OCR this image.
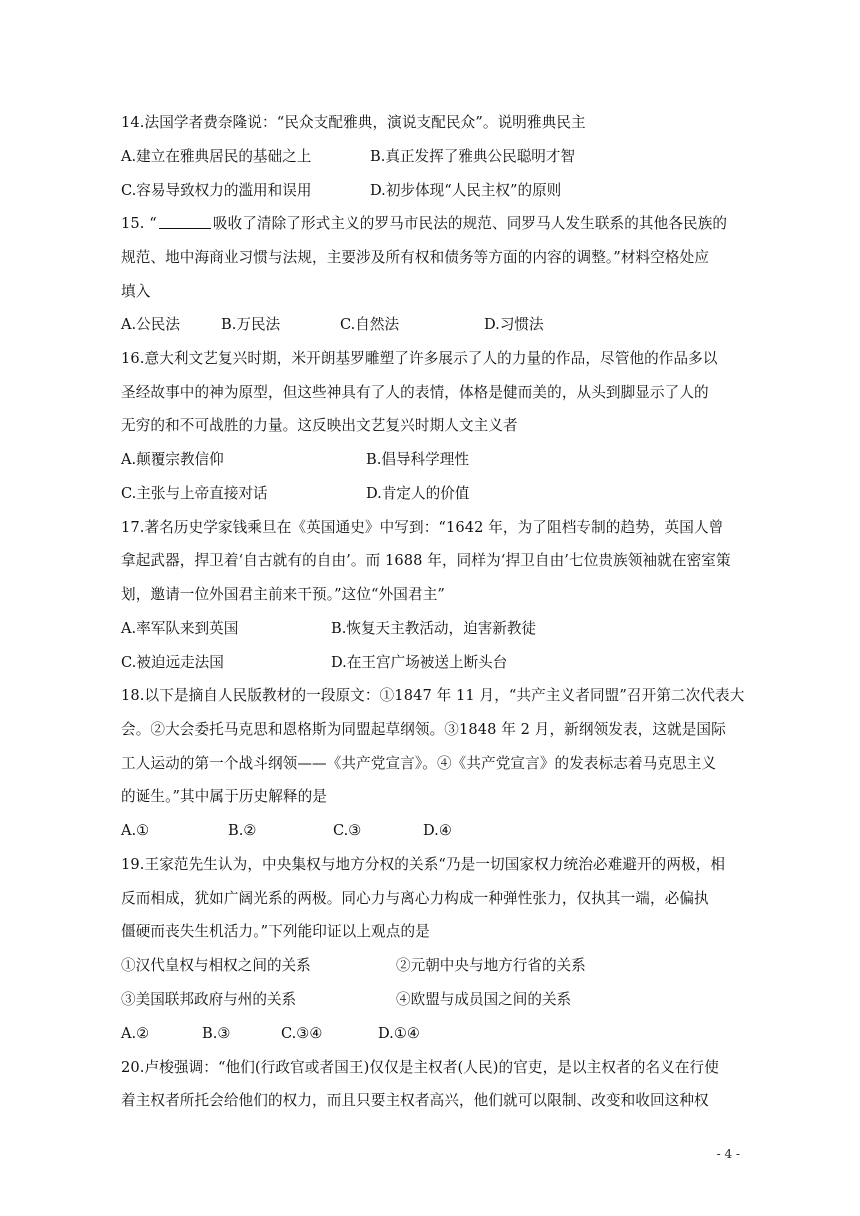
14.法国学者费奈隆说：“民众支配雅典，演说支配民众”。说明雅典民主
A.建立在雅典居民的基础之上	B.真正发挥了雅典公民聪明才智
C.容易导致权力的滥用和误用	D.初步体现“人民主权”的原则
15. “	吸收了清除了形式主义的罗马市民法的规范、同罗马人发生联系的其他各民族的
规范、地中海商业习惯与法规，主要涉及所有权和债务等方面的内容的调整。”材料空格处应
填入
A.公民法	B.万民法	C.自然法	D.习惯法
16.意大利文艺复兴时期，米开朗基罗雕塑了许多展示了人的力量的作品，尽管他的作品多以
圣经故事中的神为原型，但这些神具有了人的表情，体格是健而美的，从头到脚显示了人的
无穷的和不可战胜的力量。这反映出文艺复兴时期人文主义者
A.颠覆宗教信仰	B.倡导科学理性
C.主张与上帝直接对话	D.肯定人的价值
17.著名历史学家钱乘旦在《英国通史》中写到：“1642 年，为了阻档专制的趋势，英国人曾
拿起武器，捍卫着‘自古就有的自由’。而 1688 年，同样为‘捍卫自由’七位贵族领袖就在密室策
划，邀请一位外国君主前来干预。”这位“外国君主”
A.率军队来到英国	B.恢复天主教活动，迫害新教徒
C.被迫远走法国	D.在王宫广场被送上断头台
18.以下是摘自人民版教材的一段原文：①1847 年 11 月，“共产主义者同盟”召开第二次代表大
会。②大会委托马克思和恩格斯为同盟起草纲领。③1848 年 2 月，新纲领发表，这就是国际
工人运动的第一个战斗纲领——《共产党宣言》。④《共产党宣言》的发表标志着马克思主义
的诞生。”其中属于历史解释的是
A.①	B.②	C.③	D.④
19.王家范先生认为，中央集权与地方分权的关系“乃是一切国家权力统治必难避开的两极，相
反而相成，犹如广阔光系的两极。同心力与离心力构成一种弹性张力，仅执其一端，必偏执
僵硬而丧失生机活力。”下列能印证以上观点的是
①汉代皇权与相权之间的关系	②元朝中央与地方行省的关系
③美国联邦政府与州的关系	④欧盟与成员国之间的关系
A.②	B.③	C.③④	D.①④
20.卢梭强调：“他们(行政官或者国王)仅仅是主权者(人民)的官吏，是以主权者的名义在行使
着主权者所托会给他们的权力，而且只要主权者高兴，他们就可以限制、改变和收回这种权
- 4 -
